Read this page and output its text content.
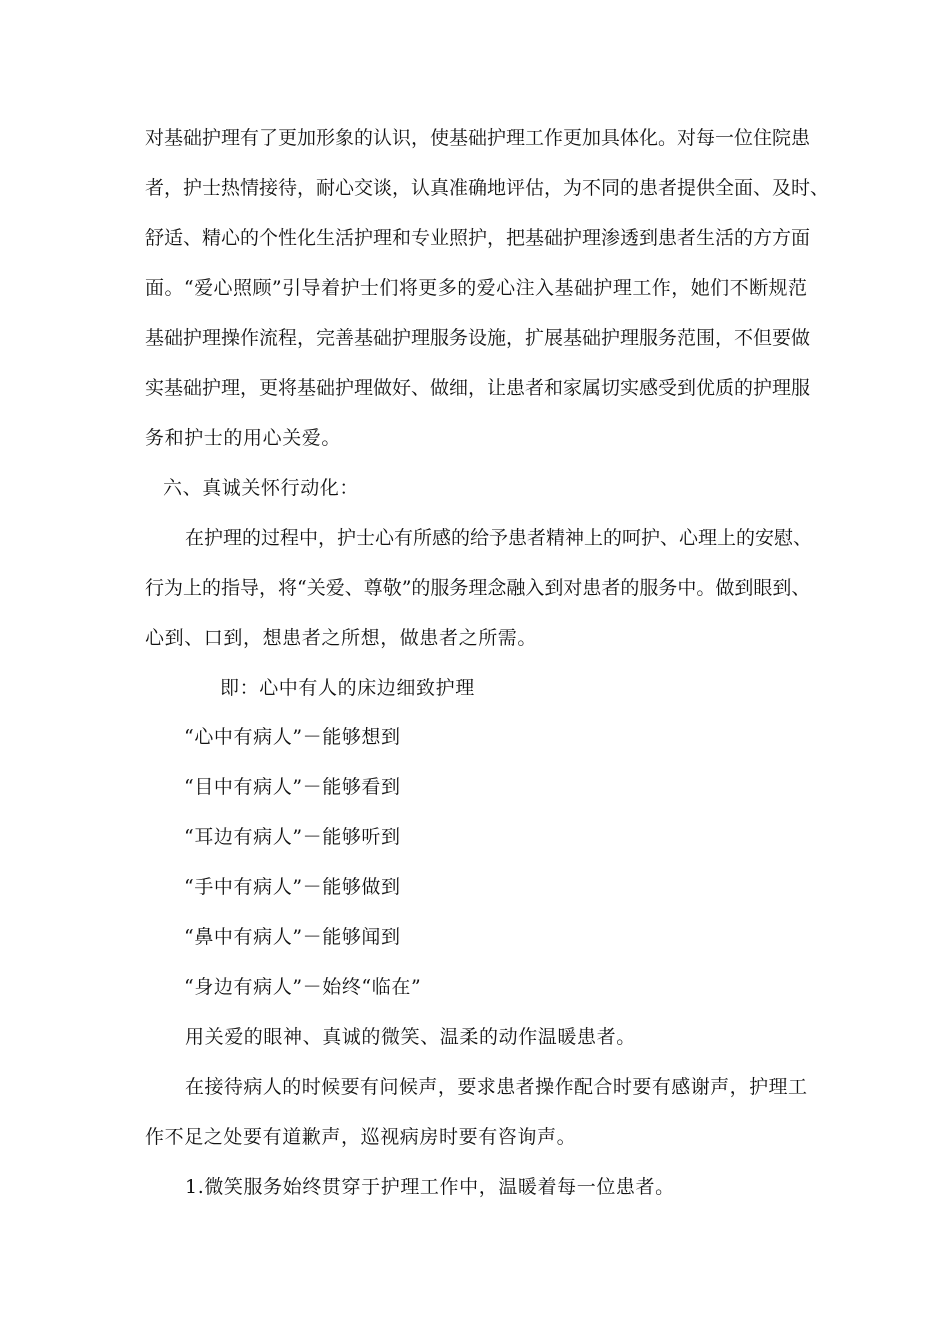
对基础护理有了更加形象的认识，使基础护理工作更加具体化。对每一位住院患
者，护士热情接待，耐心交谈，认真准确地评估，为不同的患者提供全面、及时、
舒适、精心的个性化生活护理和专业照护，把基础护理渗透到患者生活的方方面
面。“爱心照顾”引导着护士们将更多的爱心注入基础护理工作，她们不断规范
基础护理操作流程，完善基础护理服务设施，扩展基础护理服务范围，不但要做
实基础护理，更将基础护理做好、做细，让患者和家属切实感受到优质的护理服
务和护士的用心关爱。
六、真诚关怀行动化：
在护理的过程中，护士心有所感的给予患者精神上的呵护、心理上的安慰、
行为上的指导，将“关爱、尊敬”的服务理念融入到对患者的服务中。做到眼到、
心到、口到，想患者之所想，做患者之所需。
即：心中有人的床边细致护理
“心中有病人”－能够想到
“目中有病人”－能够看到
“耳边有病人”－能够听到
“手中有病人”－能够做到
“鼻中有病人”－能够闻到
“身边有病人”－始终“临在”
用关爱的眼神、真诚的微笑、温柔的动作温暖患者。
在接待病人的时候要有问候声，要求患者操作配合时要有感谢声，护理工
作不足之处要有道歉声，巡视病房时要有咨询声。
1.微笑服务始终贯穿于护理工作中，温暖着每一位患者。
